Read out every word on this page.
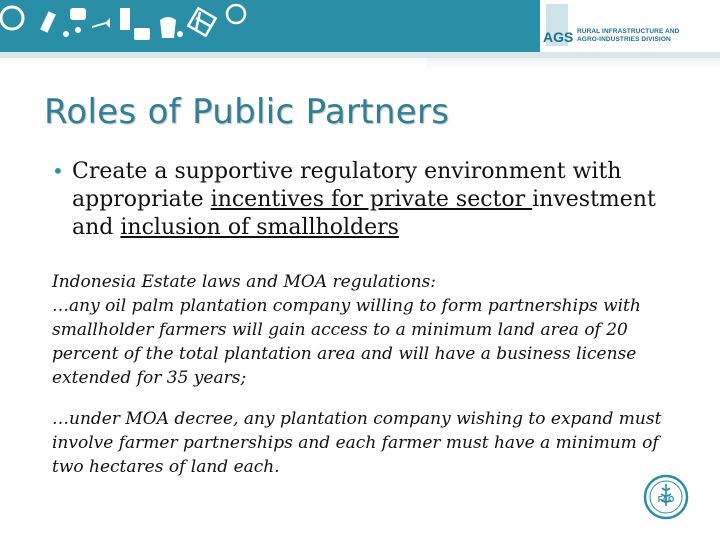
AGS RURAL INFRASTRUCTURE AND
AGRO-INDUSTRIES DIVISION
Roles of Public Partners
• Create a supportive regulatory environment with appropriate incentives for private sector investment and inclusion of smallholders
Indonesia Estate laws and MOA regulations:
…any oil palm plantation company willing to form partnerships with smallholder farmers will gain access to a minimum land area of 20 percent of the total plantation area and will have a business license extended for 35 years;
…under MOA decree, any plantation company wishing to expand must involve farmer partnerships and each farmer must have a minimum of two hectares of land each.
FAO
